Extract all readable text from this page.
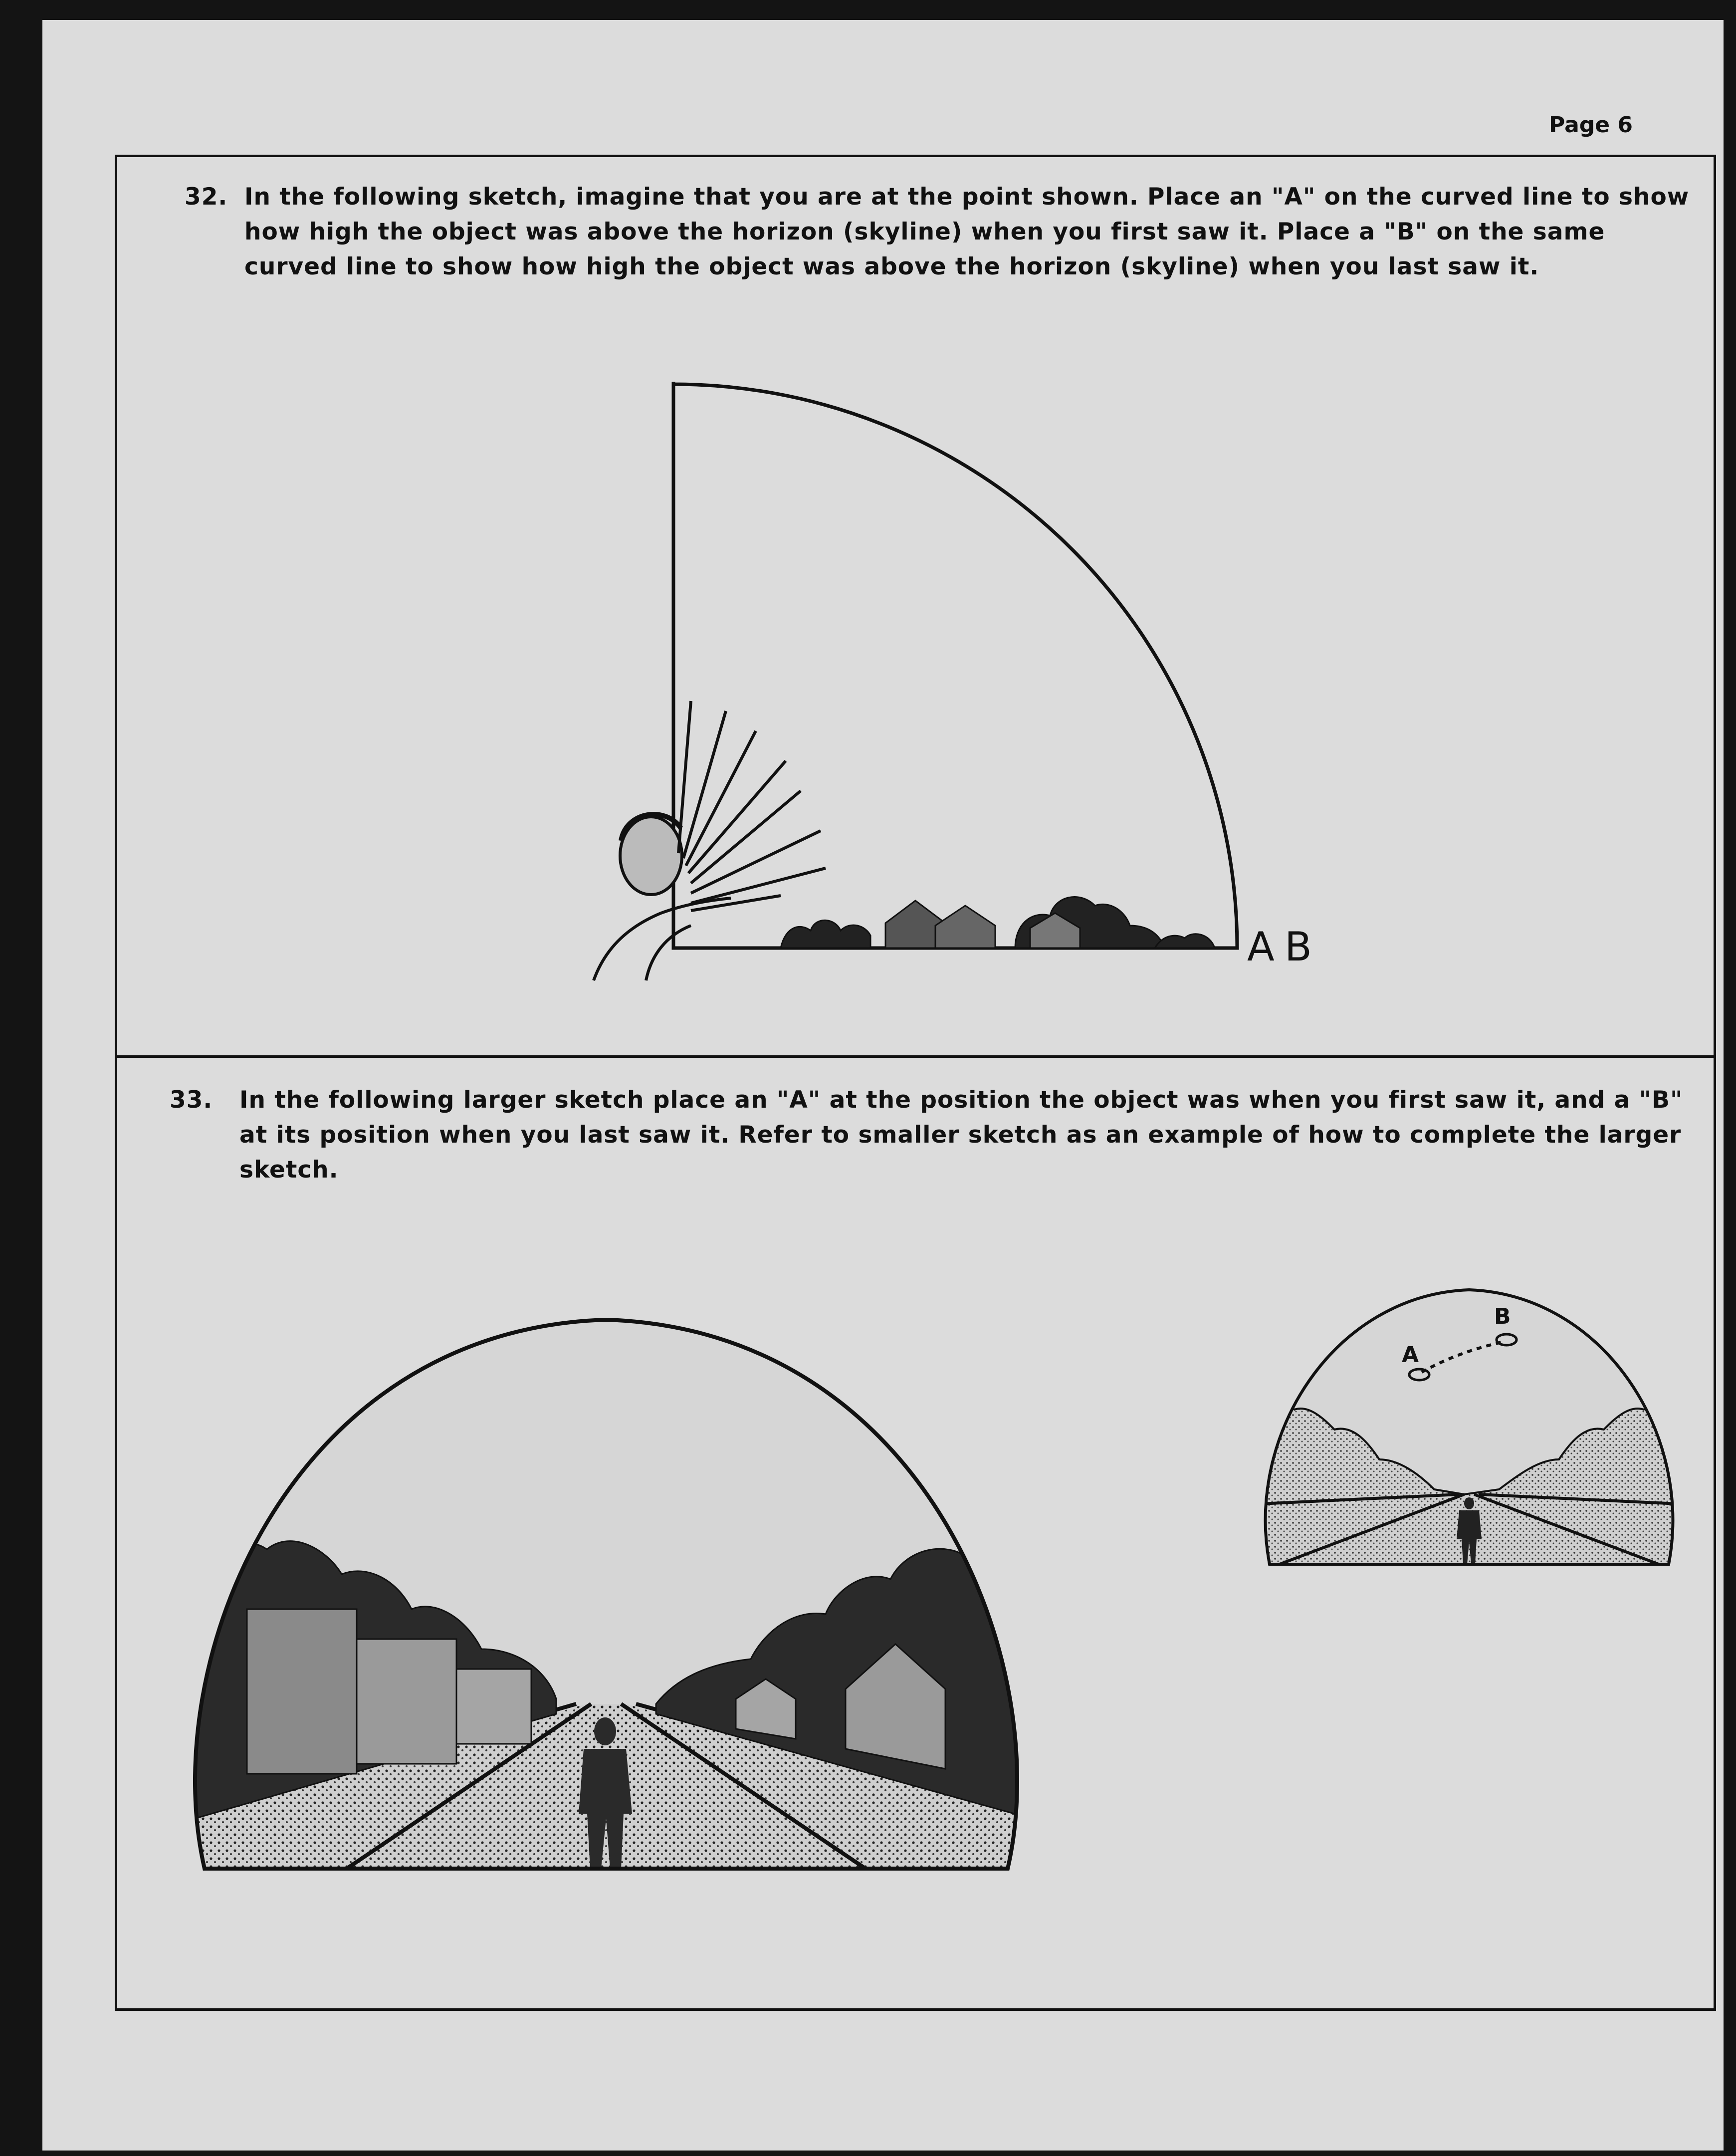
Page 6
32. In the following sketch, imagine that you are at the point shown. Place an "A" on the curved line to show how high the object was above the horizon (skyline) when you first saw it. Place a "B" on the same curved line to show how high the object was above the horizon (skyline) when you last saw it.
A B
33. In the following larger sketch place an "A" at the position the object was when you first saw it, and a "B" at its position when you last saw it. Refer to smaller sketch as an example of how to complete the larger sketch.
A
B
